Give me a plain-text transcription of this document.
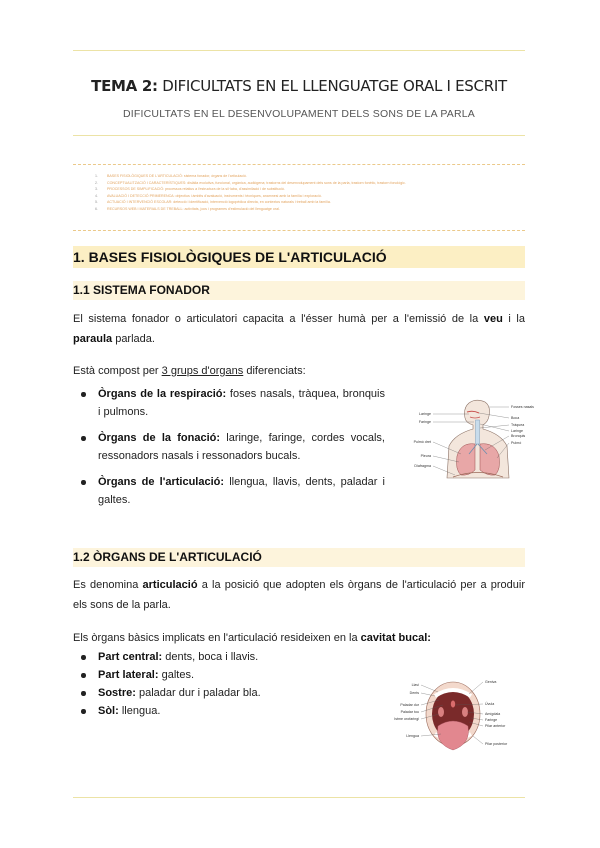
TEMA 2: DIFICULTATS EN EL LLENGUATGE ORAL I ESCRIT
DIFICULTATS EN EL DESENVOLUPAMENT DELS SONS DE LA PARLA
1.	BASES FISIOLÒGIQUES DE L'ARTICULACIÓ: sistema fonador, òrgans de l'articulació.
2.	CONCEPTUALITZACIÓ I CARACTERÍSTIQUES: dislàlia evolutiva, funcional, orgànica, audiògena; trastorns del desenvolupament dels sons de la parla, trastorn fonètic, trastorn fonològic.
3.	PROCESSOS DE SIMPLIFICACIÓ: processos relatius a l'estructura de la síl·laba, d'assimilació i de substitució.
4.	AVALUACIÓ I DETECCIÓ PRIMERENCA: objectius i àmbits d'avaluació, instruments i tècniques, anamnesi amb la família i exploració.
5.	ACTUACIÓ I INTERVENCIÓ ESCOLAR: detecció i identificació, intervenció logopèdica directa, en contextos naturals i treball amb la família.
6.	RECURSOS WEB I MATERIALS DE TREBALL: activitats, jocs i programes d'estimulació del llenguatge oral.
1. BASES FISIOLÒGIQUES DE L'ARTICULACIÓ
1.1 SISTEMA FONADOR
El sistema fonador o articulatori capacita a l'ésser humà per a l'emissió de la veu i la paraula parlada.
Està compost per 3 grups d'organs diferenciats:
Òrgans de la respiració: foses nasals, tràquea, bronquis i pulmons.
Òrgans de la fonació: laringe, faringe, cordes vocals, ressonadors nasals i ressonadors bucals.
Òrgans de l'articulació: llengua, llavis, dents, paladar i galtes.
Laringe
Faringe
Pulmó dret
Pleura
Diafragma
Fosses nasals
Boca
Tràquea
Laringe
Bronquis
Pulmó
1.2 ÒRGANS DE L'ARTICULACIÓ
Es denomina articulació a la posició que adopten els òrgans de l'articulació per a produir els sons de la parla.
Els òrgans bàsics implicats en l'articulació resideixen en la cavitat bucal:
Part central: dents, boca i llavis.
Part lateral: galtes.
Sostre: paladar dur i paladar bla.
Sòl: llengua.
Llavi
Dents
Paladar dur
Paladar tou
Istme orofaringi
Llengua
Geniva
Úvula
Amígdala
Faringe
Pilar anterior
Pilar posterior
